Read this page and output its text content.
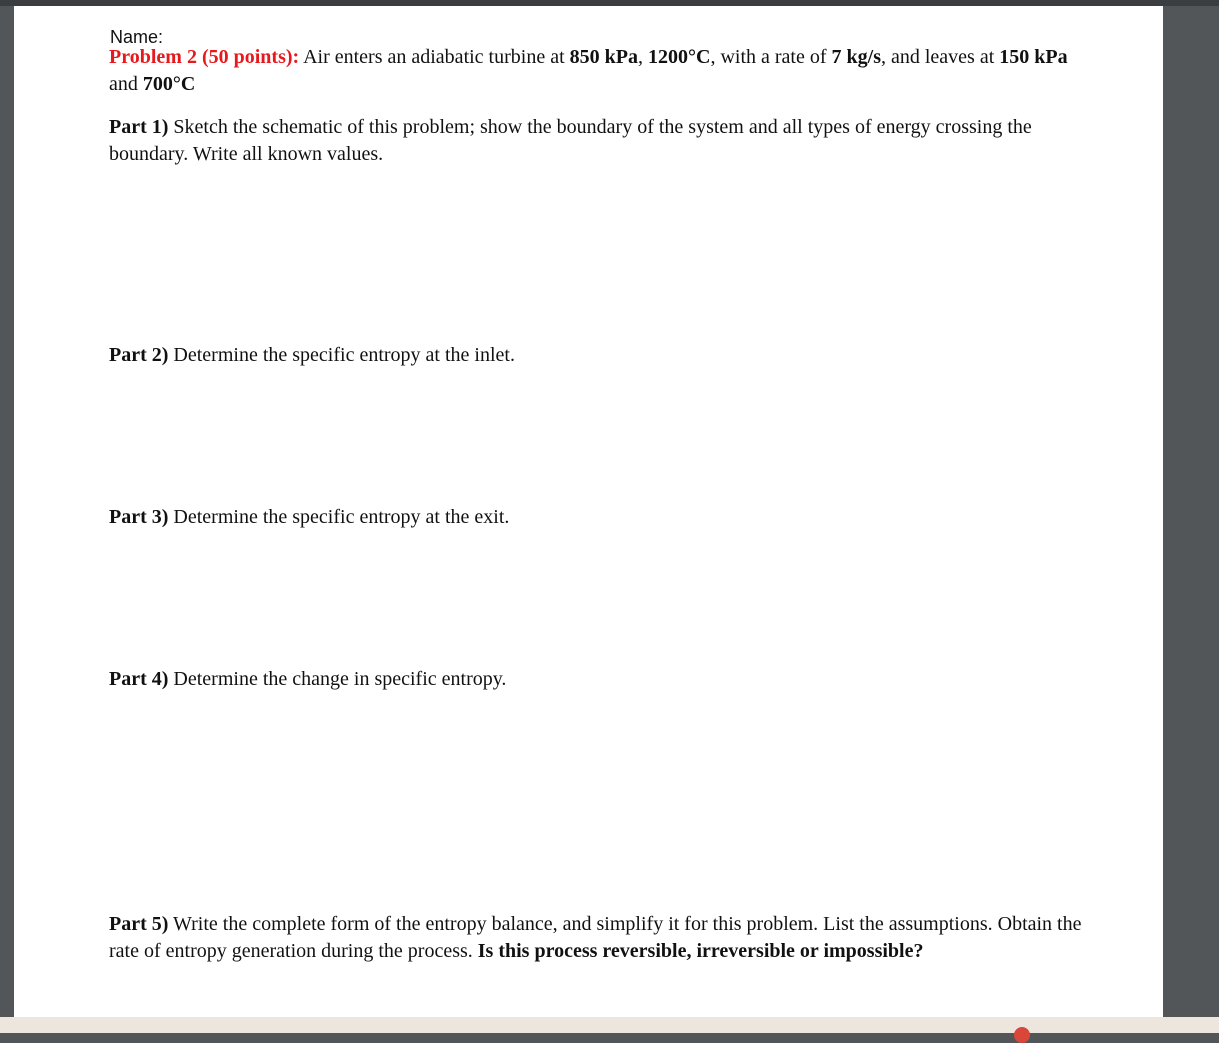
Name:
Problem 2 (50 points): Air enters an adiabatic turbine at 850 kPa, 1200°C, with a rate of 7 kg/s, and leaves at 150 kPa and 700°C
Part 1) Sketch the schematic of this problem; show the boundary of the system and all types of energy crossing the boundary. Write all known values.
Part 2) Determine the specific entropy at the inlet.
Part 3) Determine the specific entropy at the exit.
Part 4) Determine the change in specific entropy.
Part 5) Write the complete form of the entropy balance, and simplify it for this problem. List the assumptions. Obtain the rate of entropy generation during the process. Is this process reversible, irreversible or impossible?
